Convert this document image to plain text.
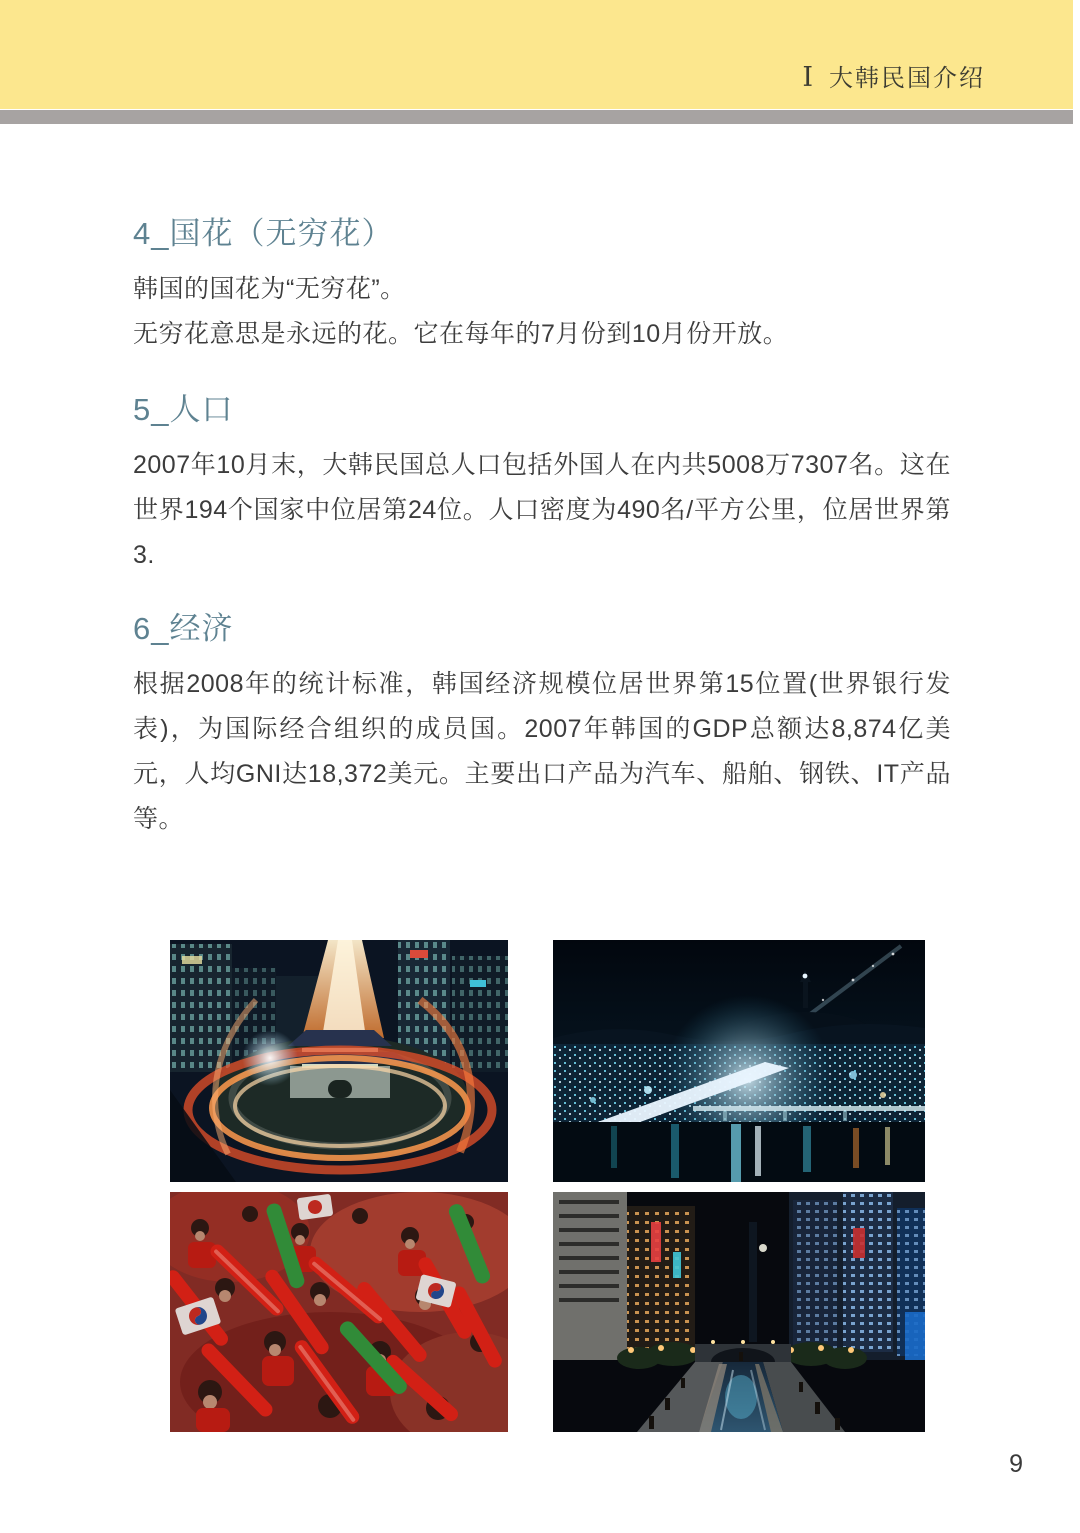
Ⅰ 大韩民国介绍
4_国花（无穷花）

韩国的国花为“无穷花”。

无穷花意思是永远的花。它在每年的7月份到10月份开放。

5_人口

2007年10月末，大韩民国总人口包括外国人在内共5008万7307名。这在世界194个国家中位居第24位。人口密度为490名/平方公里，位居世界第3.

6_经济

根据2008年的统计标准，韩国经济规模位居世界第15位置(世界银行发表)，为国际经合组织的成员国。2007年韩国的GDP总额达8,874亿美元，人均GNI达18,372美元。主要出口产品为汽车、船舶、钢铁、IT产品等。

9
